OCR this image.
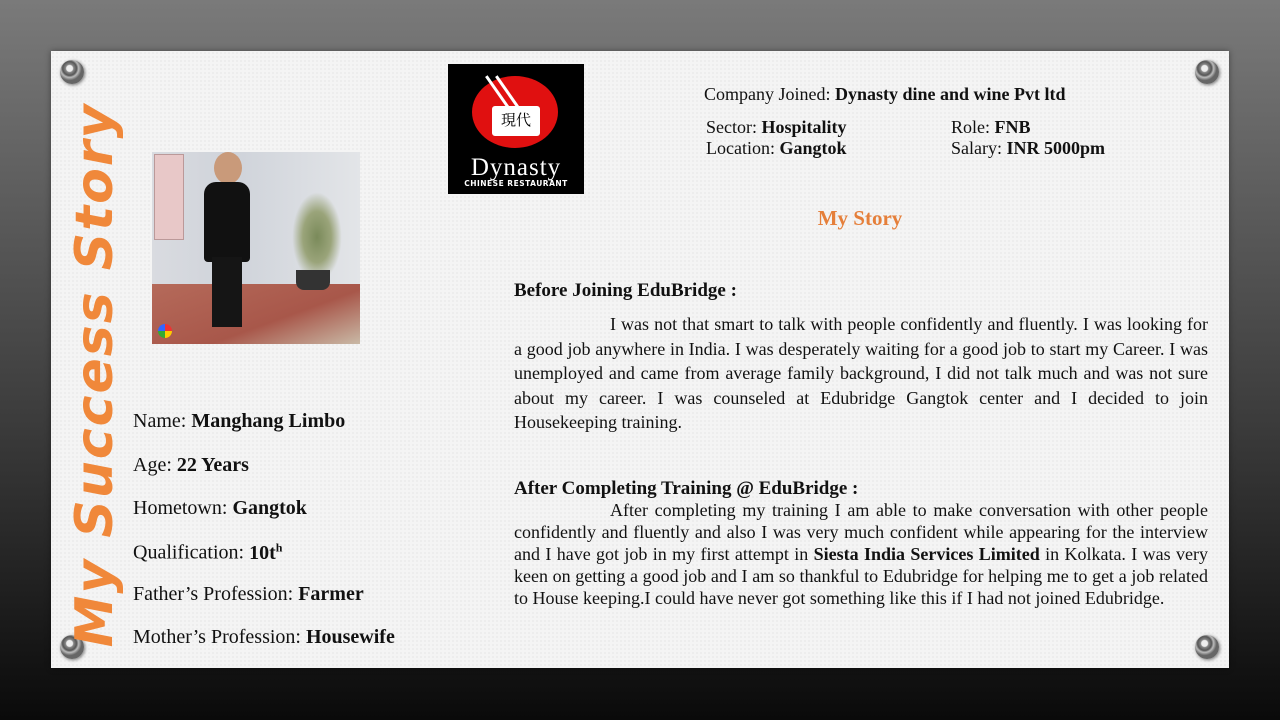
My Success Story	現代
Dynasty
CHINESE RESTAURANT
Company Joined: Dynasty dine and wine Pvt ltd
Sector: Hospitality
Location: Gangtok
Role: FNB
Salary: INR 5000pm
My Story
Before Joining EduBridge :
I was not that smart to talk with people confidently and fluently. I was looking for a good job anywhere in India. I was desperately waiting for a good job to start my Career. I was unemployed and came from average family background, I did not talk much and was not sure about my career. I was counseled at Edubridge Gangtok center and I decided to join Housekeeping training.
After Completing Training @ EduBridge :
After completing my training I am able to make conversation with other people confidently and fluently and also I was very much confident while appearing for the interview and I have got job in my first attempt in Siesta India Services Limited in Kolkata. I was very keen on getting a good job and I am so thankful to Edubridge for helping me to get a job related to House keeping.I could have never got something like this if I had not joined Edubridge.
Name: Manghang Limbo
Age: 22 Years
Hometown: Gangtok
Qualification: $10t^h$
Father’s Profession: Farmer
Mother’s Profession: Housewife
